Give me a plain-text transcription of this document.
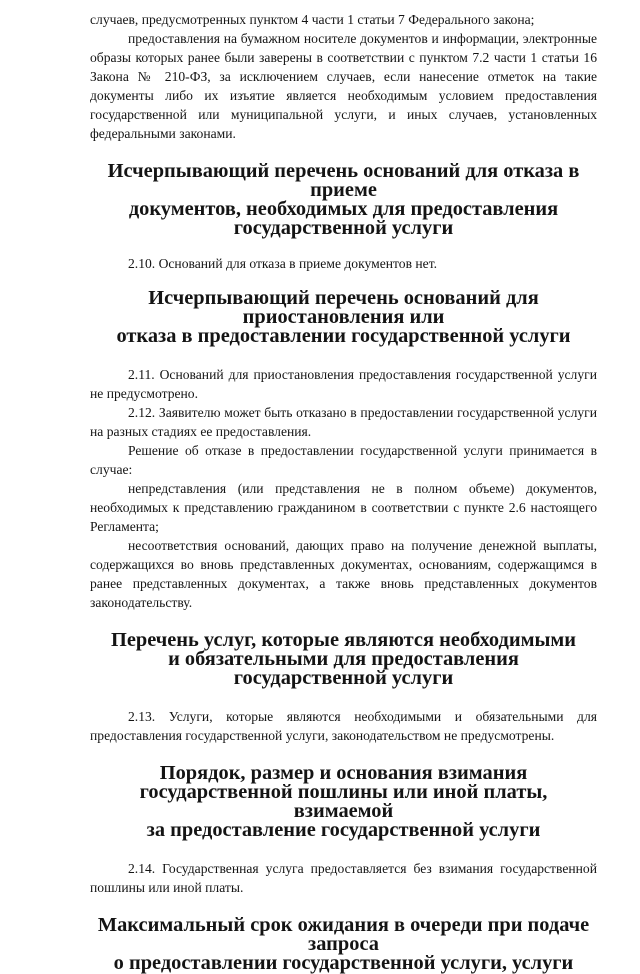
случаев, предусмотренных пунктом 4 части 1 статьи 7 Федерального закона;

предоставления на бумажном носителе документов и информации, электронные образы которых ранее были заверены в соответствии с пунктом 7.2 части 1 статьи 16 Закона № 210-ФЗ, за исключением случаев, если нанесение отметок на такие документы либо их изъятие является необходимым условием предоставления государственной или муниципальной услуги, и иных случаев, установленных федеральными законами.

Исчерпывающий перечень оснований для отказа в приеме
документов, необходимых для предоставления государственной услуги

2.10. Оснований для отказа в приеме документов нет.

Исчерпывающий перечень оснований для приостановления или
отказа в предоставлении государственной услуги

2.11. Оснований для приостановления предоставления государственной услуги не предусмотрено.

2.12. Заявителю может быть отказано в предоставлении государственной услуги на разных стадиях ее предоставления.

Решение об отказе в предоставлении государственной услуги принимается в случае:

непредставления (или представления не в полном объеме) документов, необходимых к представлению гражданином в соответствии с пункте 2.6 настоящего Регламента;

несоответствия оснований, дающих право на получение денежной выплаты, содержащихся во вновь представленных документах, основаниям, содержащимся в ранее представленных документах, а также вновь представленных документов законодательству.

Перечень услуг, которые являются необходимыми
и обязательными для предоставления государственной услуги

2.13. Услуги, которые являются необходимыми и обязательными для предоставления государственной услуги, законодательством не предусмотрены.

Порядок, размер и основания взимания
государственной пошлины или иной платы, взимаемой
за предоставление государственной услуги

2.14. Государственная услуга предоставляется без взимания государственной пошлины или иной платы.

Максимальный срок ожидания в очереди при подаче запроса
о предоставлении государственной услуги, услуги
